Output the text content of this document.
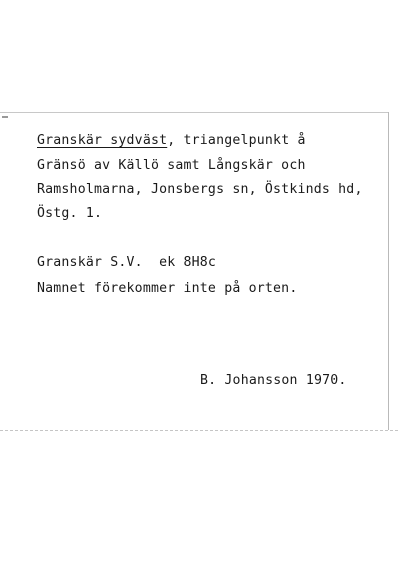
Granskär sydväst, triangelpunkt å
Gränsö av Källö samt Långskär och
Ramsholmarna, Jonsbergs sn, Östkinds hd,
Östg. 1.
Granskär S.V.  ek 8H8c
Namnet förekommer inte på orten.
B. Johansson 1970.
